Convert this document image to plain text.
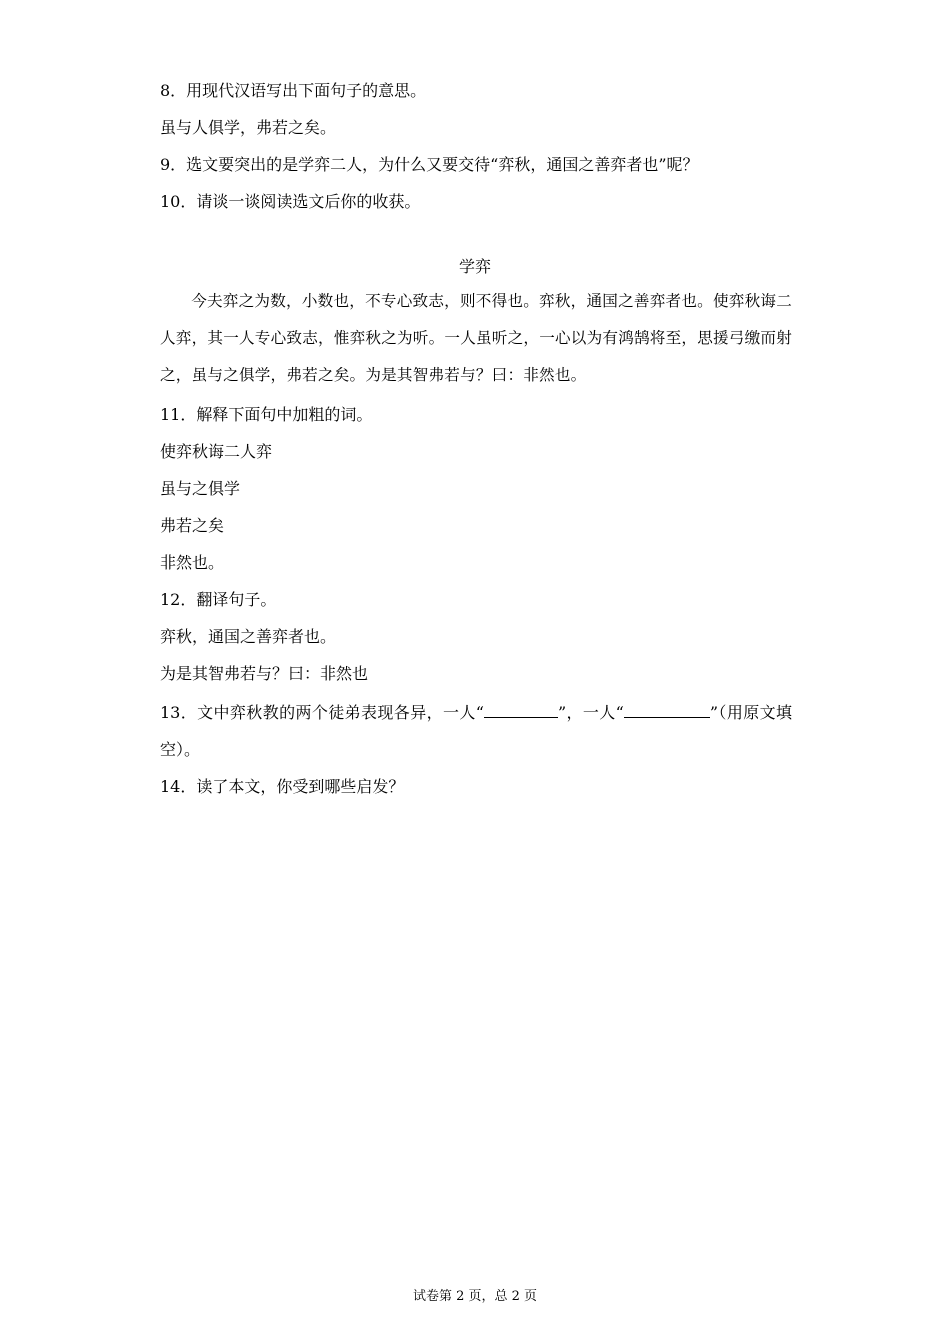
8．用现代汉语写出下面句子的意思。
虽与人俱学，弗若之矣。
9．选文要突出的是学弈二人，为什么又要交待“弈秋，通国之善弈者也”呢？
10．请谈一谈阅读选文后你的收获。
学弈
今夫弈之为数，小数也，不专心致志，则不得也。弈秋，通国之善弈者也。使弈秋诲二人弈，其一人专心致志，惟弈秋之为听。一人虽听之，一心以为有鸿鹄将至，思援弓缴而射之，虽与之俱学，弗若之矣。为是其智弗若与？曰：非然也。
11．解释下面句中加粗的词。
使弈秋诲二人弈
虽与之俱学
弗若之矣
非然也。
12．翻译句子。
弈秋，通国之善弈者也。
为是其智弗若与？曰：非然也
13．文中弈秋教的两个徒弟表现各异，一人“	”，一人“	”（用原文填空）。
14．读了本文，你受到哪些启发？
试卷第 2 页，总 2 页
